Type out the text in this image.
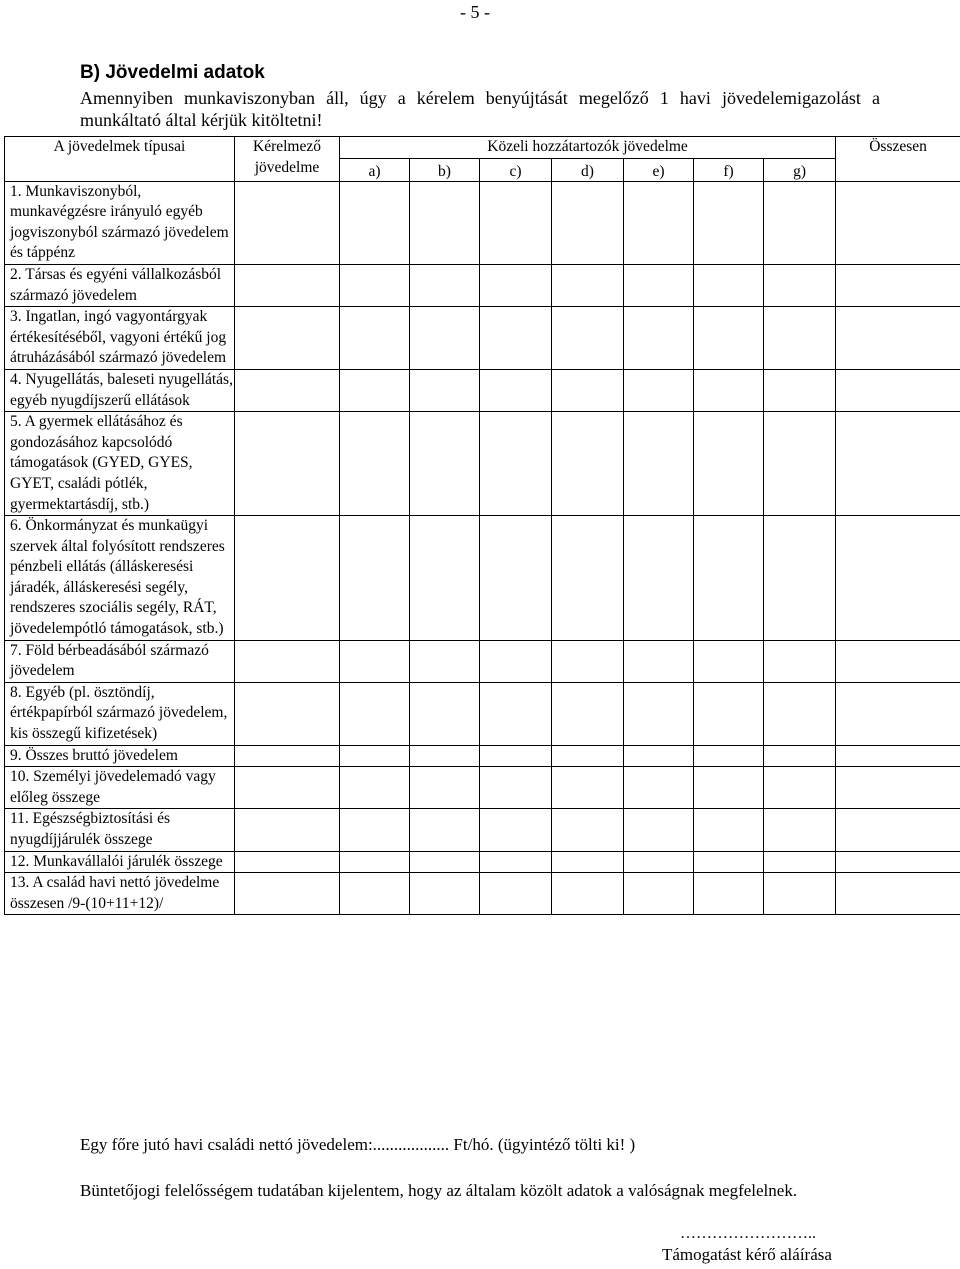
- 5 -
B) Jövedelmi adatok
Amennyiben munkaviszonyban áll, úgy a kérelem benyújtását megelőző 1 havi jövedelemigazolást a munkáltató által kérjük kitöltetni!
A jövedelmek típusai	Kérelmező jövedelme	Közeli hozzátartozók jövedelme							Összesen
		a)	b)	c)	d)	e)	f)	g)	
1. Munkaviszonyból, munkavégzésre irányuló egyéb jogviszonyból származó jövedelem és táppénz									
2. Társas és egyéni vállalkozásból származó jövedelem									
3. Ingatlan, ingó vagyontárgyak értékesítéséből, vagyoni értékű jog átruházásából származó jövedelem									
4. Nyugellátás, baleseti nyugellátás, egyéb nyugdíjszerű ellátások									
5. A gyermek ellátásához és gondozásához kapcsolódó támogatások (GYED, GYES, GYET, családi pótlék, gyermektartásdíj, stb.)									
6. Önkormányzat és munkaügyi szervek által folyósított rendszeres pénzbeli ellátás (álláskeresési járadék, álláskeresési segély, rendszeres szociális segély, RÁT, jövedelempótló támogatások, stb.)									
7. Föld bérbeadásából származó jövedelem									
8. Egyéb (pl. ösztöndíj, értékpapírból származó jövedelem, kis összegű kifizetések)									
9. Összes bruttó jövedelem									
10. Személyi jövedelemadó vagy előleg összege									
11. Egészségbiztosítási és nyugdíjjárulék összege									
12. Munkavállalói járulék összege									
13. A család havi nettó jövedelme összesen /9-(10+11+12)/									
Egy főre jutó havi családi nettó jövedelem:.................. Ft/hó. (ügyintéző tölti ki! )
Büntetőjogi felelősségem tudatában kijelentem, hogy az általam közölt adatok a valóságnak megfelelnek.
……………………..
Támogatást kérő aláírása
